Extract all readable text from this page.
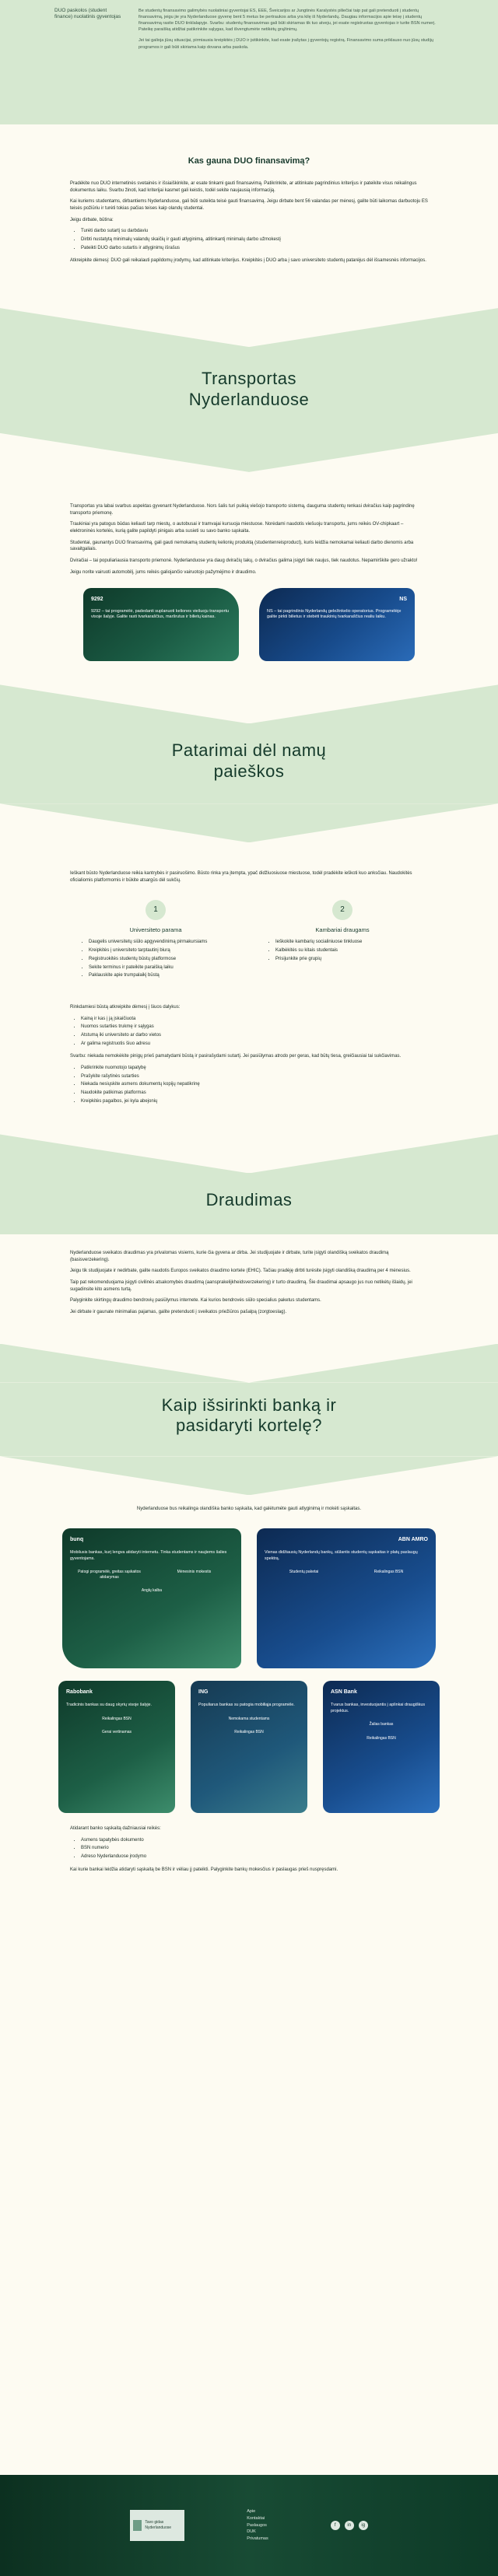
DUO paskolos (student finance) nuolatinis gyventojas

Be studentų finansavimo galimybės nuolatiniai gyventojai ES, EEE, Šveicarijos ar Jungtinės Karalystės piliečiai taip pat gali pretenduoti į studentų finansavimą, jeigu jie yra Nyderlanduose gyvenę bent 5 metus be pertraukos arba yra kilę iš Nyderlandų. Daugiau informacijos apie teisę į studentų finansavimą rasite DUO tinklalapyje. Svarbu: studentų finansavimas gali būti skiriamas tik tuo atveju, jei esate registruotas gyventojas ir turite BSN numerį. Pateikę paraišką atidžiai patikrinkite sąlygas, kad išvengtumėte netikėtų grąžinimų.

Jei tai galioja jūsų situacijai, pirmiausia kreipkitės į DUO ir įsitikinkite, kad esate įrašytas į gyventojų registrą. Finansavimo suma priklauso nuo jūsų studijų programos ir gali būti skiriama kaip dovana arba paskola.

Kas gauna DUO finansavimą?

Pradėkite nuo DUO internetinės svetainės ir išsiaiškinkite, ar esate tinkami gauti finansavimą. Patikrinkite, ar atitinkate pagrindinius kriterijus ir pateikite visus reikalingus dokumentus laiku. Svarbu žinoti, kad kriterijai kasmet gali keistis, todėl sekite naujausią informaciją.

Kai kuriems studentams, dirbantiems Nyderlanduose, gali būti suteikta teisė gauti finansavimą. Jeigu dirbate bent 56 valandas per mėnesį, galite būti laikomas darbuotoju ES teisės požiūriu ir turėti tokias pačias teises kaip olandų studentai.

Jeigu dirbate, būtina:

• Turėti darbo sutartį su darbdaviu
• Dirbti nustatytą minimalų valandų skaičių ir gauti atlyginimą, atitinkantį minimalų darbo užmokestį
• Pateikti DUO darbo sutartis ir atlyginimų išrašus

Atkreipkite dėmesį: DUO gali reikalauti papildomų įrodymų, kad atitinkate kriterijus. Kreipkitės į DUO arba į savo universiteto studentų patarėjus dėl išsamesnės informacijos.

Transportas Nyderlanduose

Transportas yra labai svarbus aspektas gyvenant Nyderlanduose. Nors šalis turi puikią viešojo transporto sistemą, dauguma studentų renkasi dviračius kaip pagrindinę transporto priemonę.

Traukiniai yra patogus būdas keliauti tarp miestų, o autobusai ir tramvajai kursuoja miestuose. Norėdami naudotis viešuoju transportu, jums reikės OV-chipkaart – elektroninės kortelės, kurią galite papildyti pinigais arba susieti su savo banko sąskaita.

Studentai, gaunantys DUO finansavimą, gali gauti nemokamą studentų kelionių produktą (studentenreisproduct), kuris leidžia nemokamai keliauti darbo dienomis arba savaitgaliais.

Dviračiai – tai populiariausia transporto priemonė. Nyderlanduose yra daug dviračių takų, o dviračius galima įsigyti tiek naujus, tiek naudotus. Nepamirškite gero užrakto!

Jeigu norite vairuoti automobilį, jums reikės galiojančio vairuotojo pažymėjimo ir draudimo.

9292
9292 – tai programėlė, padedanti suplanuoti keliones viešuoju transportu visoje šalyje. Galite rasti tvarkaraščius, maršrutus ir bilietų kainas.
NS
NS – tai pagrindinis Nyderlandų geležinkelio operatorius. Programėlėje galite pirkti bilietus ir stebėti traukinių tvarkaraščius realiu laiku.
Patarimai dėl namų paieškos

Ieškant būsto Nyderlanduose reikia kantrybės ir pasiruošimo. Būsto rinka yra įtempta, ypač didžiuosiuose miestuose, todėl pradėkite ieškoti kuo anksčiau. Naudokitės oficialiomis platformomis ir būkite atsargūs dėl sukčių.

1
Universiteto parama
• Daugelis universitetų siūlo apgyvendinimą pirmakursiams
• Kreipkitės į universiteto tarptautinį biurą
• Registruokitės studentų būstų platformose
• Sekite terminus ir pateikite paraišką laiku
• Paklauskite apie trumpalaikį būstą
2
Kambariai draugams
• Ieškokite kambarių socialiniuose tinkluose
• Kalbėkitės su kitais studentais
• Prisijunkite prie grupių

Rinkdamiesi būstą atkreipkite dėmesį į šiuos dalykus:

• Kainą ir kas į ją įskaičiuota
• Nuomos sutarties trukmę ir sąlygas
• Atstumą iki universiteto ar darbo vietos
• Ar galima registruotis šiuo adresu

Svarbu: niekada nemokėkite pinigų prieš pamatydami būstą ir pasirašydami sutartį. Jei pasiūlymas atrodo per geras, kad būtų tiesa, greičiausiai tai sukčiavimas.

• Patikrinkite nuomotojo tapatybę
• Prašykite rašytinės sutarties
• Niekada nesiųskite asmens dokumentų kopijų nepatikrinę
• Naudokite patikimas platformas
• Kreipkitės pagalbos, jei kyla abejonių
Draudimas

Nyderlanduose sveikatos draudimas yra privalomas visiems, kurie čia gyvena ar dirba. Jei studijuojate ir dirbate, turite įsigyti olandišką sveikatos draudimą (basisverzekering).

Jeigu tik studijuojate ir nedirbate, galite naudotis Europos sveikatos draudimo kortele (EHIC). Tačiau pradėję dirbti turėsite įsigyti olandišką draudimą per 4 mėnesius.

Taip pat rekomenduojama įsigyti civilinės atsakomybės draudimą (aansprakelijkheidsverzekering) ir turto draudimą. Šie draudimai apsaugo jus nuo netikėtų išlaidų, jei sugadinsite kito asmens turtą.

Palyginkite skirtingų draudimo bendrovių pasiūlymus internete. Kai kurios bendrovės siūlo specialius paketus studentams.

Jei dirbate ir gaunate minimalias pajamas, galite pretenduoti į sveikatos priežiūros pašalpą (zorgtoeslag).

Kaip išsirinkti banką ir pasidaryti kortelę?

Nyderlanduose bus reikalinga olandiška banko sąskaita, kad galėtumėte gauti atlyginimą ir mokėti sąskaitas.

bunq
Mobilusis bankas, kurį lengva atidaryti internetu. Tinka studentams ir naujiems šalies gyventojams.
Patogi programėlė, greitas sąskaitos atidarymas
Mėnesinis mokestis
Anglų kalba
ABN AMRO
Vienas didžiausių Nyderlandų bankų, siūlantis studentų sąskaitas ir platų paslaugų spektrą.
Studentų paketai	Reikalingas BSN
Rabobank
Tradicinis bankas su daug skyrių visoje šalyje.
Reikalingas BSN
Gerai vertinamas
ING
Populiarus bankas su patogia mobiliąja programėle.
Nemokama studentams
Reikalingas BSN
ASN Bank
Tvarus bankas, investuojantis į aplinkai draugiškus projektus.
Žalias bankas
Reikalingas BSN

Atidarant banko sąskaitą dažniausiai reikės:

• Asmens tapatybės dokumento
• BSN numerio
• Adreso Nyderlanduose įrodymo

Kai kurie bankai leidžia atidaryti sąskaitą be BSN ir vėliau jį pateikti. Palyginkite bankų mokesčius ir paslaugas prieš nuspręsdami.

Tavo gidas Nyderlanduose
Apie
Kontaktai
Paslaugos
DUK
Privatumas
f	in	ig
